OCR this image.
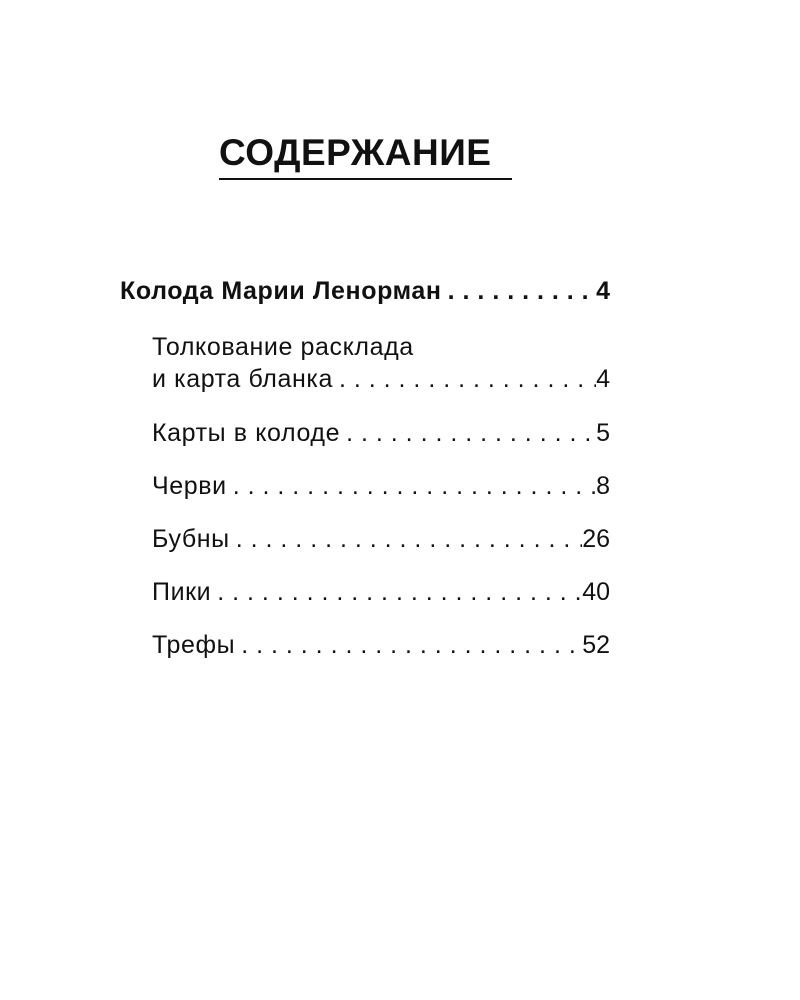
СОДЕРЖАНИЕ
Колода Марии Ленорман . . .	4
Толкование расклада
и карта бланка . . .	4
Карты в колоде . . .	5
Черви . . .	8
Бубны . . .	26
Пики . . .	40
Трефы . . .	52
